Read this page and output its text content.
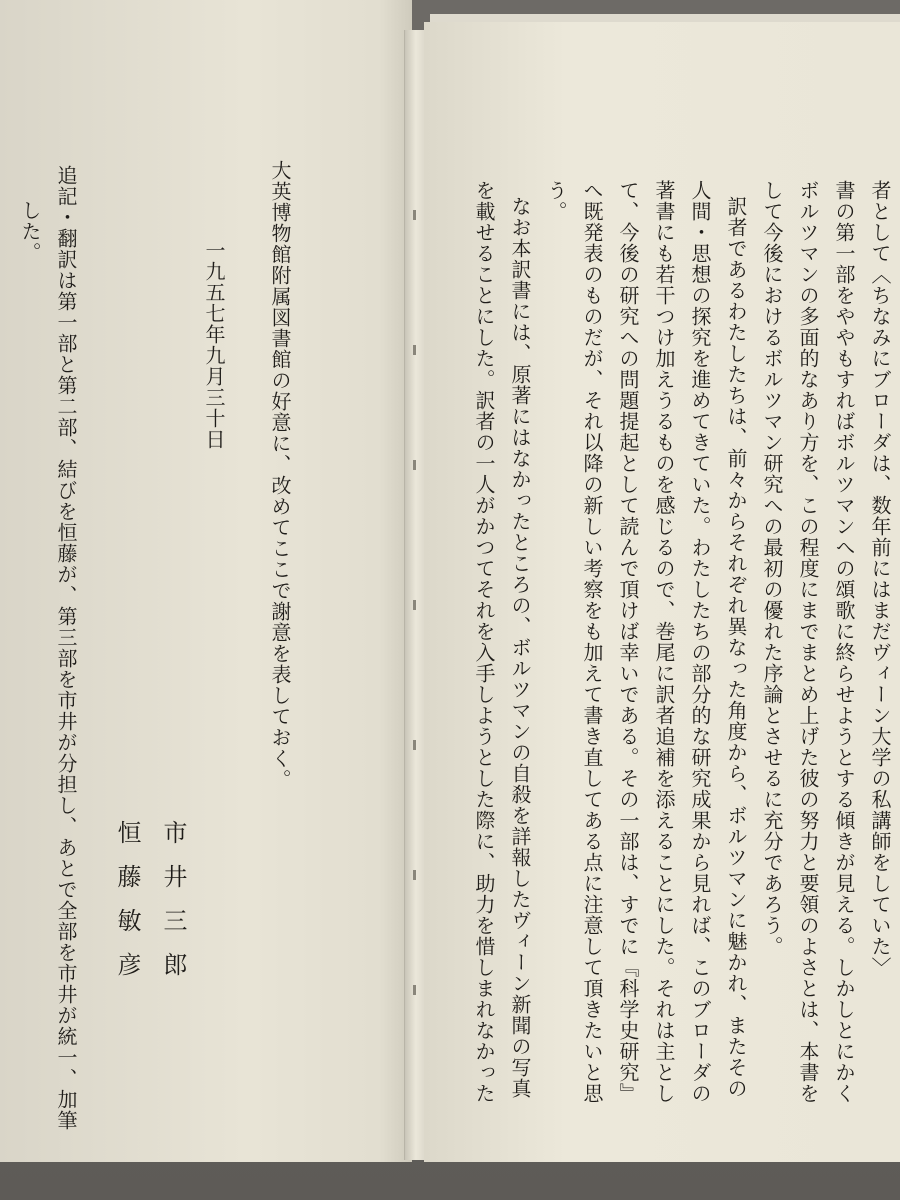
者として〈ちなみにブローダは、数年前にはまだヴィーン大学の私講師をしていた〉
書の第一部をややもすればボルツマンへの頌歌に終らせようとする傾きが見える。しかしとにかく
ボルツマンの多面的なあり方を、この程度にまでまとめ上げた彼の努力と要領のよさとは、本書を
して今後におけるボルツマン研究への最初の優れた序論とさせるに充分であろう。
訳者であるわたしたちは、前々からそれぞれ異なった角度から、ボルツマンに魅かれ、またその
人間・思想の探究を進めてきていた。わたしたちの部分的な研究成果から見れば、このブローダの
著書にも若干つけ加えうるものを感じるので、巻尾に訳者追補を添えることにした。それは主とし
て、今後の研究への問題提起として読んで頂けば幸いである。その一部は、すでに『科学史研究』
へ既発表のものだが、それ以降の新しい考察をも加えて書き直してある点に注意して頂きたいと思
う。
なお本訳書には、原著にはなかったところの、ボルツマンの自殺を詳報したヴィーン新聞の写真
を載せることにした。訳者の一人がかつてそれを入手しようとした際に、助力を惜しまれなかった
大英博物館附属図書館の好意に、改めてここで謝意を表しておく。
一九五七年九月三十日
市井三郎
恒藤敏彦
追記・翻訳は第一部と第二部、結びを恒藤が、第三部を市井が分担し、あとで全部を市井が統一、加筆
した。
